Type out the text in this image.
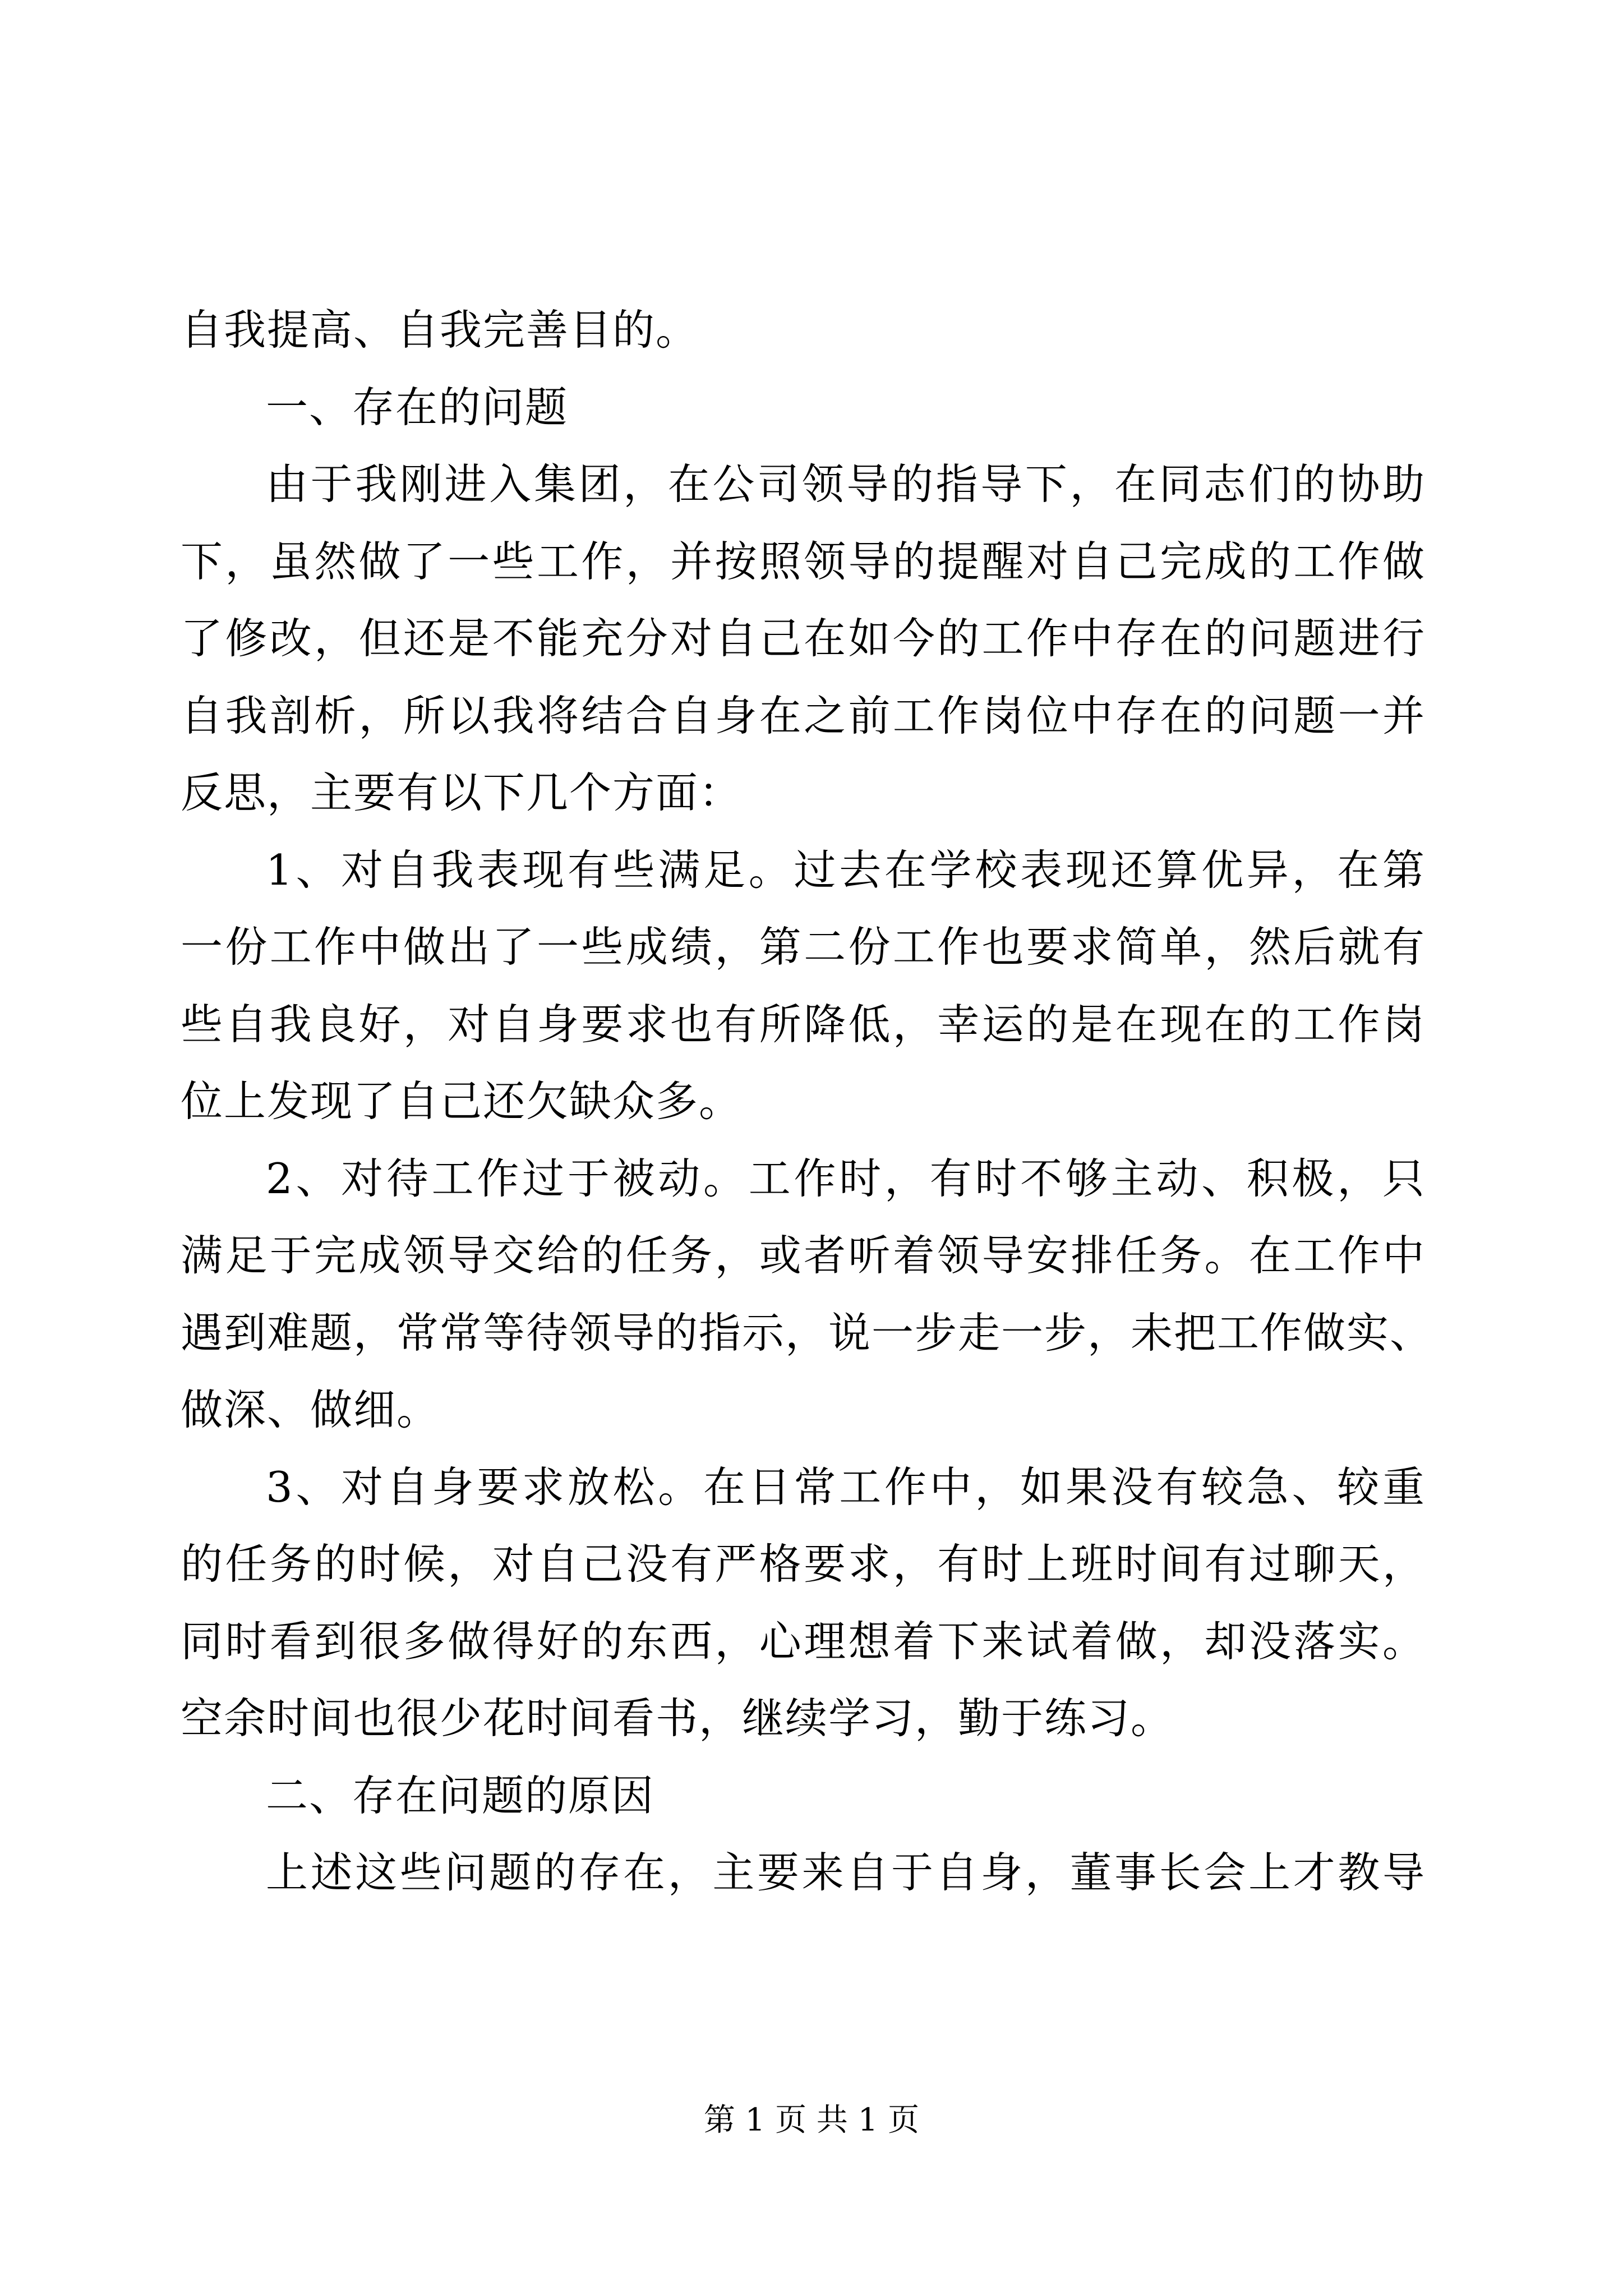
自我提高、自我完善目的。
一、存在的问题
由于我刚进入集团，在公司领导的指导下，在同志们的协助
下，虽然做了一些工作，并按照领导的提醒对自己完成的工作做
了修改，但还是不能充分对自己在如今的工作中存在的问题进行
自我剖析，所以我将结合自身在之前工作岗位中存在的问题一并
反思，主要有以下几个方面：
1、对自我表现有些满足。过去在学校表现还算优异，在第
一份工作中做出了一些成绩，第二份工作也要求简单，然后就有
些自我良好，对自身要求也有所降低，幸运的是在现在的工作岗
位上发现了自己还欠缺众多。
2、对待工作过于被动。工作时，有时不够主动、积极，只
满足于完成领导交给的任务，或者听着领导安排任务。在工作中
遇到难题，常常等待领导的指示，说一步走一步，未把工作做实、
做深、做细。
3、对自身要求放松。在日常工作中，如果没有较急、较重
的任务的时候，对自己没有严格要求，有时上班时间有过聊天，
同时看到很多做得好的东西，心理想着下来试着做，却没落实。
空余时间也很少花时间看书，继续学习，勤于练习。
二、存在问题的原因
上述这些问题的存在，主要来自于自身，董事长会上才教导
第 1 页 共 1 页
